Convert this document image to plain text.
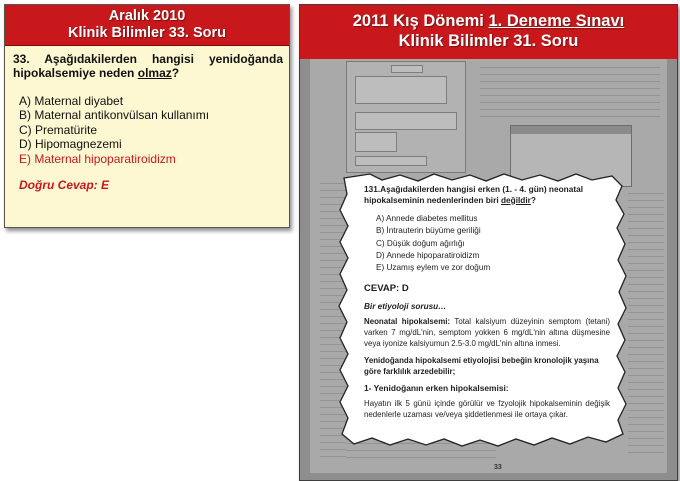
Aralık 2010
Klinik Bilimler 33. Soru
33. Aşağıdakilerden hangisi yenidoğanda hipokalsemiye neden olmaz?
A) Maternal diyabet
B) Maternal antikonvülsan kullanımı
C) Prematürite
D) Hipomagnezemi
E) Maternal hipoparatiroidizm
Doğru Cevap: E
2011 Kış Dönemi 1. Deneme Sınavı
Klinik Bilimler 31. Soru
33
131.Aşağıdakilerden hangisi erken (1. - 4. gün) neonatal hipokalseminin nedenlerinden biri değildir?
A) Annede diabetes mellitus
B) İntrauterin büyüme geriliği
C) Düşük doğum ağırlığı
D) Annede hipoparatiroidizm
E) Uzamış eylem ve zor doğum
CEVAP: D
Bir etiyoloji sorusu…
Neonatal hipokalsemi: Total kalsiyum düzeyinin semptom (tetani) varken 7 mg/dL'nin, semptom yokken 6 mg/dL'nin altına düşmesine veya iyonize kalsiyumun 2.5-3.0 mg/dL'nin altına inmesi.
Yenidoğanda hipokalsemi etiyolojisi bebeğin kronolojik yaşına göre farklılık arzedebilir;
1- Yenidoğanın erken hipokalsemisi:
Hayatın ilk 5 günü içinde görülür ve fzyolojik hipokalseminin değişik nedenlerle uzaması ve/veya şiddetlenmesi ile ortaya çıkar.
